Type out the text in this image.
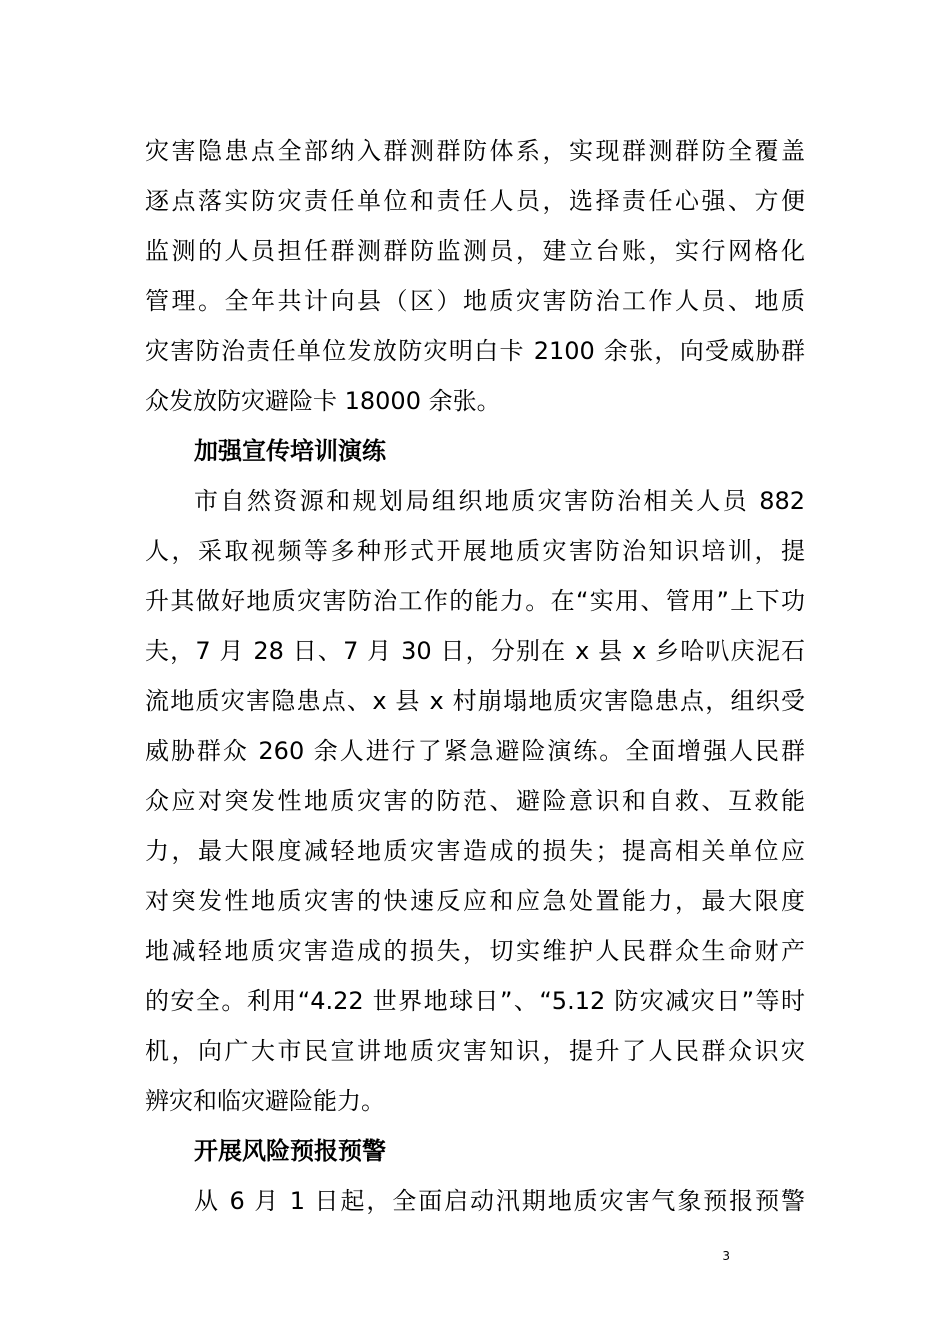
灾害隐患点全部纳入群测群防体系，实现群测群防全覆盖
逐点落实防灾责任单位和责任人员，选择责任心强、方便
监测的人员担任群测群防监测员，建立台账，实行网格化
管理。全年共计向县（区）地质灾害防治工作人员、地质
灾害防治责任单位发放防灾明白卡 2100 余张，向受威胁群
众发放防灾避险卡 18000 余张。
加强宣传培训演练
市自然资源和规划局组织地质灾害防治相关人员 882
人，采取视频等多种形式开展地质灾害防治知识培训，提
升其做好地质灾害防治工作的能力。在“实用、管用”上下功
夫，7 月 28 日、7 月 30 日，分别在 x 县 x 乡哈叭庆泥石
流地质灾害隐患点、x 县 x 村崩塌地质灾害隐患点，组织受
威胁群众 260 余人进行了紧急避险演练。全面增强人民群
众应对突发性地质灾害的防范、避险意识和自救、互救能
力，最大限度减轻地质灾害造成的损失；提高相关单位应
对突发性地质灾害的快速反应和应急处置能力，最大限度
地减轻地质灾害造成的损失，切实维护人民群众生命财产
的安全。利用“4.22 世界地球日”、“5.12 防灾减灾日”等时
机，向广大市民宣讲地质灾害知识，提升了人民群众识灾
辨灾和临灾避险能力。
开展风险预报预警
从 6 月 1 日起，全面启动汛期地质灾害气象预报预警
3
